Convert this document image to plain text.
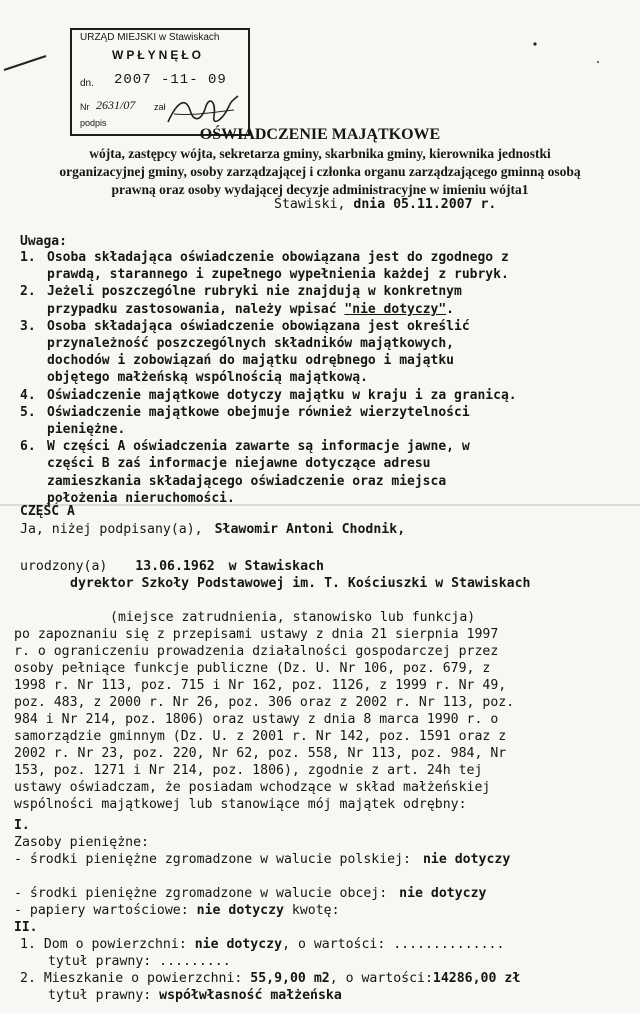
URZĄD MIEJSKI w Stawiskach
WPŁYNĘŁO
dn. 2007 -11- 09
Nr 2631/07 zał
podpis
OŚWIADCZENIE MAJĄTKOWE
wójta, zastępcy wójta, sekretarza gminy, skarbnika gminy, kierownika jednostki
organizacyjnej gminy, osoby zarządzającej i członka organu zarządzającego gminną osobą
prawną oraz osoby wydającej decyzje administracyjne w imieniu wójta1
Stawiski, dnia 05.11.2007 r.
Uwaga:
1. Osoba składająca oświadczenie obowiązana jest do zgodnego z
prawdą, starannego i zupełnego wypełnienia każdej z rubryk.
2. Jeżeli poszczególne rubryki nie znajdują w konkretnym
przypadku zastosowania, należy wpisać "nie dotyczy".
3. Osoba składająca oświadczenie obowiązana jest określić
przynależność poszczególnych składników majątkowych,
dochodów i zobowiązań do majątku odrębnego i majątku
objętego małżeńską wspólnością majątkową.
4. Oświadczenie majątkowe dotyczy majątku w kraju i za granicą.
5. Oświadczenie majątkowe obejmuje również wierzytelności
pieniężne.
6. W części A oświadczenia zawarte są informacje jawne, w
części B zaś informacje niejawne dotyczące adresu
zamieszkania składającego oświadczenie oraz miejsca
położenia nieruchomości.
CZĘŚĆ A
Ja, niżej podpisany(a), Sławomir Antoni Chodnik,
urodzony(a) 13.06.1962 w Stawiskach
dyrektor Szkoły Podstawowej im. T. Kościuszki w Stawiskach
(miejsce zatrudnienia, stanowisko lub funkcja)
po zapoznaniu się z przepisami ustawy z dnia 21 sierpnia 1997
r. o ograniczeniu prowadzenia działalności gospodarczej przez
osoby pełniące funkcje publiczne (Dz. U. Nr 106, poz. 679, z
1998 r. Nr 113, poz. 715 i Nr 162, poz. 1126, z 1999 r. Nr 49,
poz. 483, z 2000 r. Nr 26, poz. 306 oraz z 2002 r. Nr 113, poz.
984 i Nr 214, poz. 1806) oraz ustawy z dnia 8 marca 1990 r. o
samorządzie gminnym (Dz. U. z 2001 r. Nr 142, poz. 1591 oraz z
2002 r. Nr 23, poz. 220, Nr 62, poz. 558, Nr 113, poz. 984, Nr
153, poz. 1271 i Nr 214, poz. 1806), zgodnie z art. 24h tej
ustawy oświadczam, że posiadam wchodzące w skład małżeńskiej
wspólności majątkowej lub stanowiące mój majątek odrębny:
I.
Zasoby pieniężne:
- środki pieniężne zgromadzone w walucie polskiej: nie dotyczy
- środki pieniężne zgromadzone w walucie obcej: nie dotyczy
- papiery wartościowe: nie dotyczy kwotę:
II.
1. Dom o powierzchni: nie dotyczy, o wartości: ..............
tytuł prawny: .........
2. Mieszkanie o powierzchni: 55,9,00 m2, o wartości:14286,00 zł
tytuł prawny: współwłasność małżeńska
